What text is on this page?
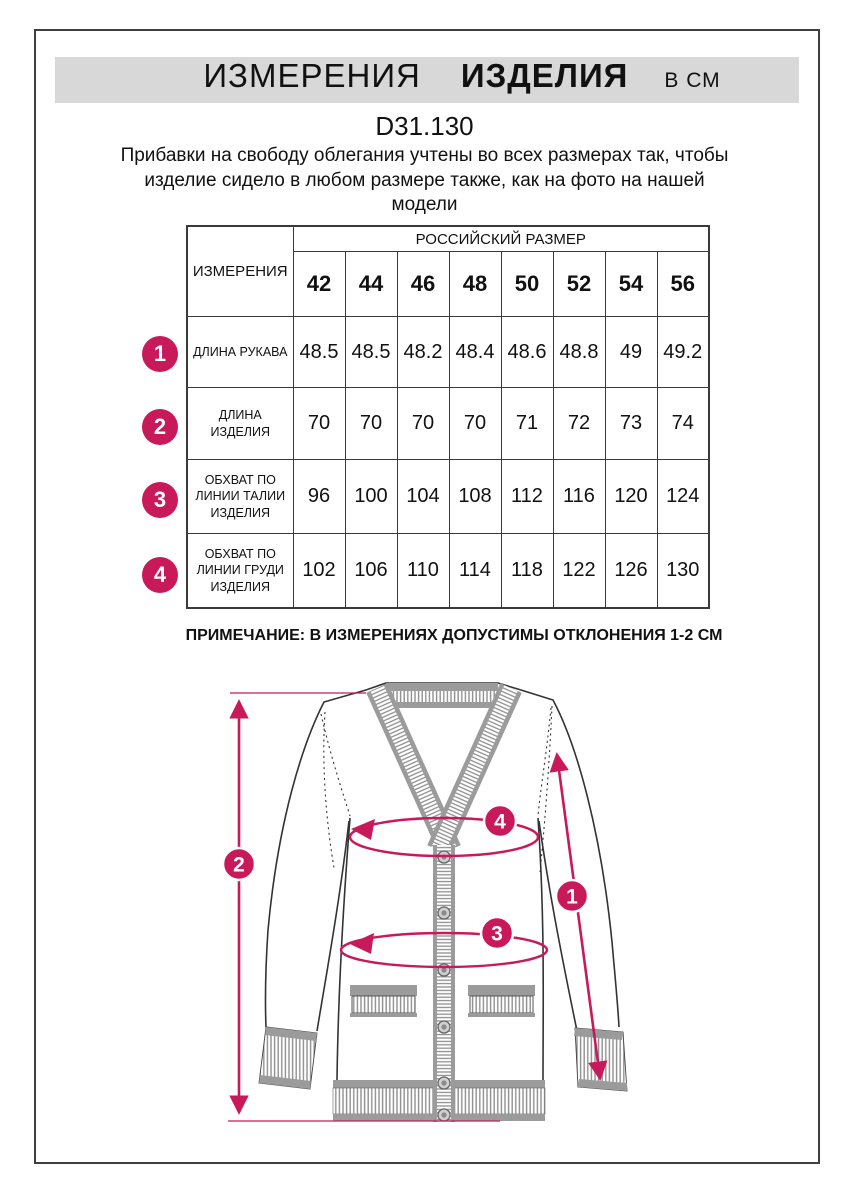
ИЗМЕРЕНИЯ ИЗДЕЛИЯ В СМ
D31.130
Прибавки на свободу облегания учтены во всех размерах так, чтобы
изделие сидело в любом размере также, как на фото на нашей
модели
ИЗМЕРЕНИЯ	РОССИЙСКИЙ РАЗМЕР							
	42	44	46	48	50	52	54	56
ДЛИНА РУКАВА	48.5	48.5	48.2	48.4	48.6	48.8	49	49.2
ДЛИНА ИЗДЕЛИЯ	70	70	70	70	71	72	73	74
ОБХВАТ ПО ЛИНИИ ТАЛИИ ИЗДЕЛИЯ	96	100	104	108	112	116	120	124
ОБХВАТ ПО ЛИНИИ ГРУДИ ИЗДЕЛИЯ	102	106	110	114	118	122	126	130
1
2
3
4
ПРИМЕЧАНИЕ: В ИЗМЕРЕНИЯХ ДОПУСТИМЫ ОТКЛОНЕНИЯ 1-2 СМ
2
1
4
3
